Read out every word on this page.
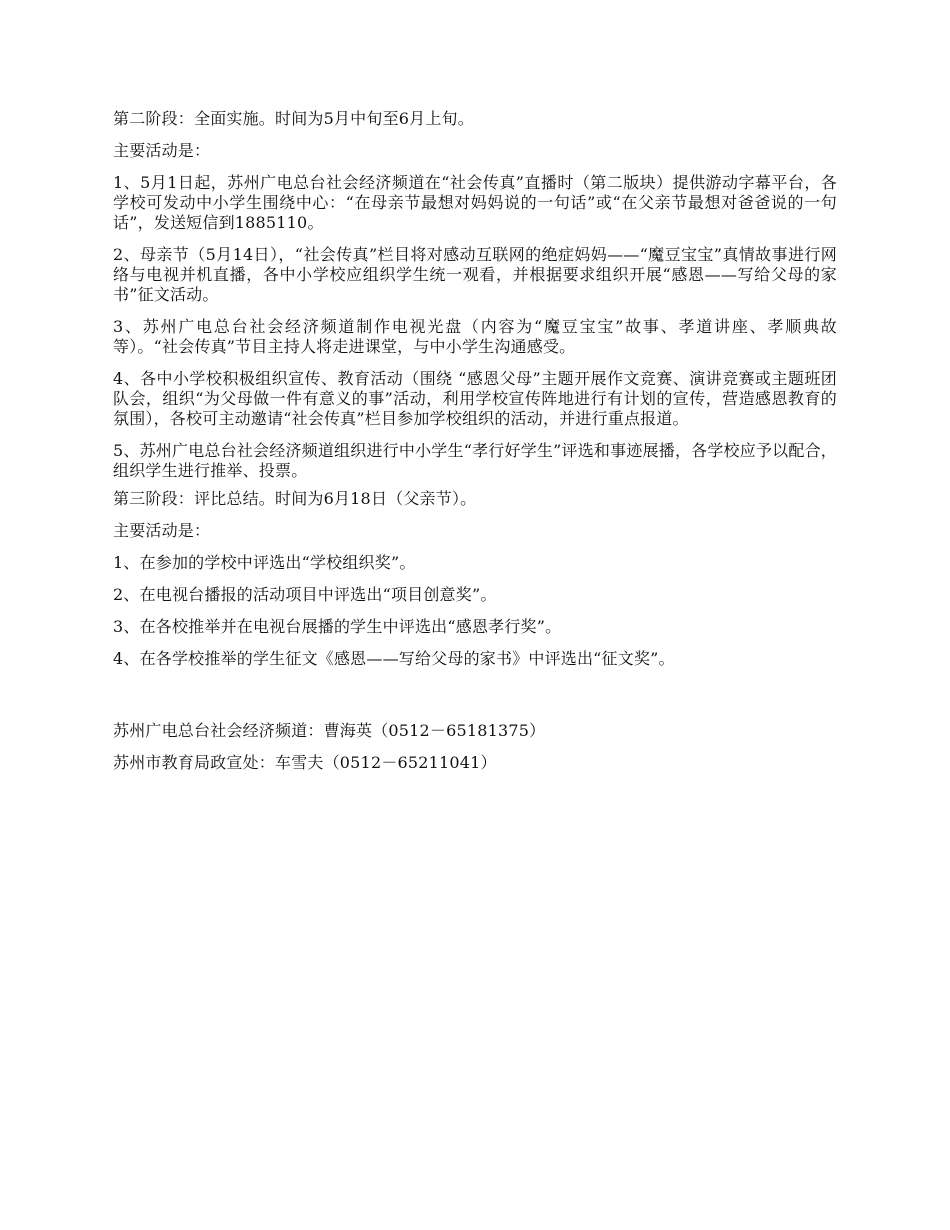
第二阶段：全面实施。时间为5月中旬至6月上旬。

主要活动是：

1、5月1日起，苏州广电总台社会经济频道在“社会传真”直播时（第二版块）提供游动字幕平台，各学校可发动中小学生围绕中心：“在母亲节最想对妈妈说的一句话”或“在父亲节最想对爸爸说的一句话”，发送短信到1885110。

2、母亲节（5月14日），“社会传真”栏目将对感动互联网的绝症妈妈——“魔豆宝宝”真情故事进行网络与电视并机直播，各中小学校应组织学生统一观看，并根据要求组织开展“感恩——写给父母的家书”征文活动。

3、苏州广电总台社会经济频道制作电视光盘（内容为“魔豆宝宝”故事、孝道讲座、孝顺典故等）。“社会传真”节目主持人将走进课堂，与中小学生沟通感受。

4、各中小学校积极组织宣传、教育活动（围绕 “感恩父母”主题开展作文竞赛、演讲竞赛或主题班团队会，组织“为父母做一件有意义的事”活动，利用学校宣传阵地进行有计划的宣传，营造感恩教育的氛围），各校可主动邀请“社会传真”栏目参加学校组织的活动，并进行重点报道。

5、苏州广电总台社会经济频道组织进行中小学生“孝行好学生”评选和事迹展播，各学校应予以配合，组织学生进行推举、投票。

第三阶段：评比总结。时间为6月18日（父亲节）。

主要活动是：

1、在参加的学校中评选出“学校组织奖”。

2、在电视台播报的活动项目中评选出“项目创意奖”。

3、在各校推举并在电视台展播的学生中评选出“感恩孝行奖”。

4、在各学校推举的学生征文《感恩——写给父母的家书》中评选出“征文奖”。

苏州广电总台社会经济频道：曹海英（0512－65181375）

苏州市教育局政宣处：车雪夫（0512－65211041）
